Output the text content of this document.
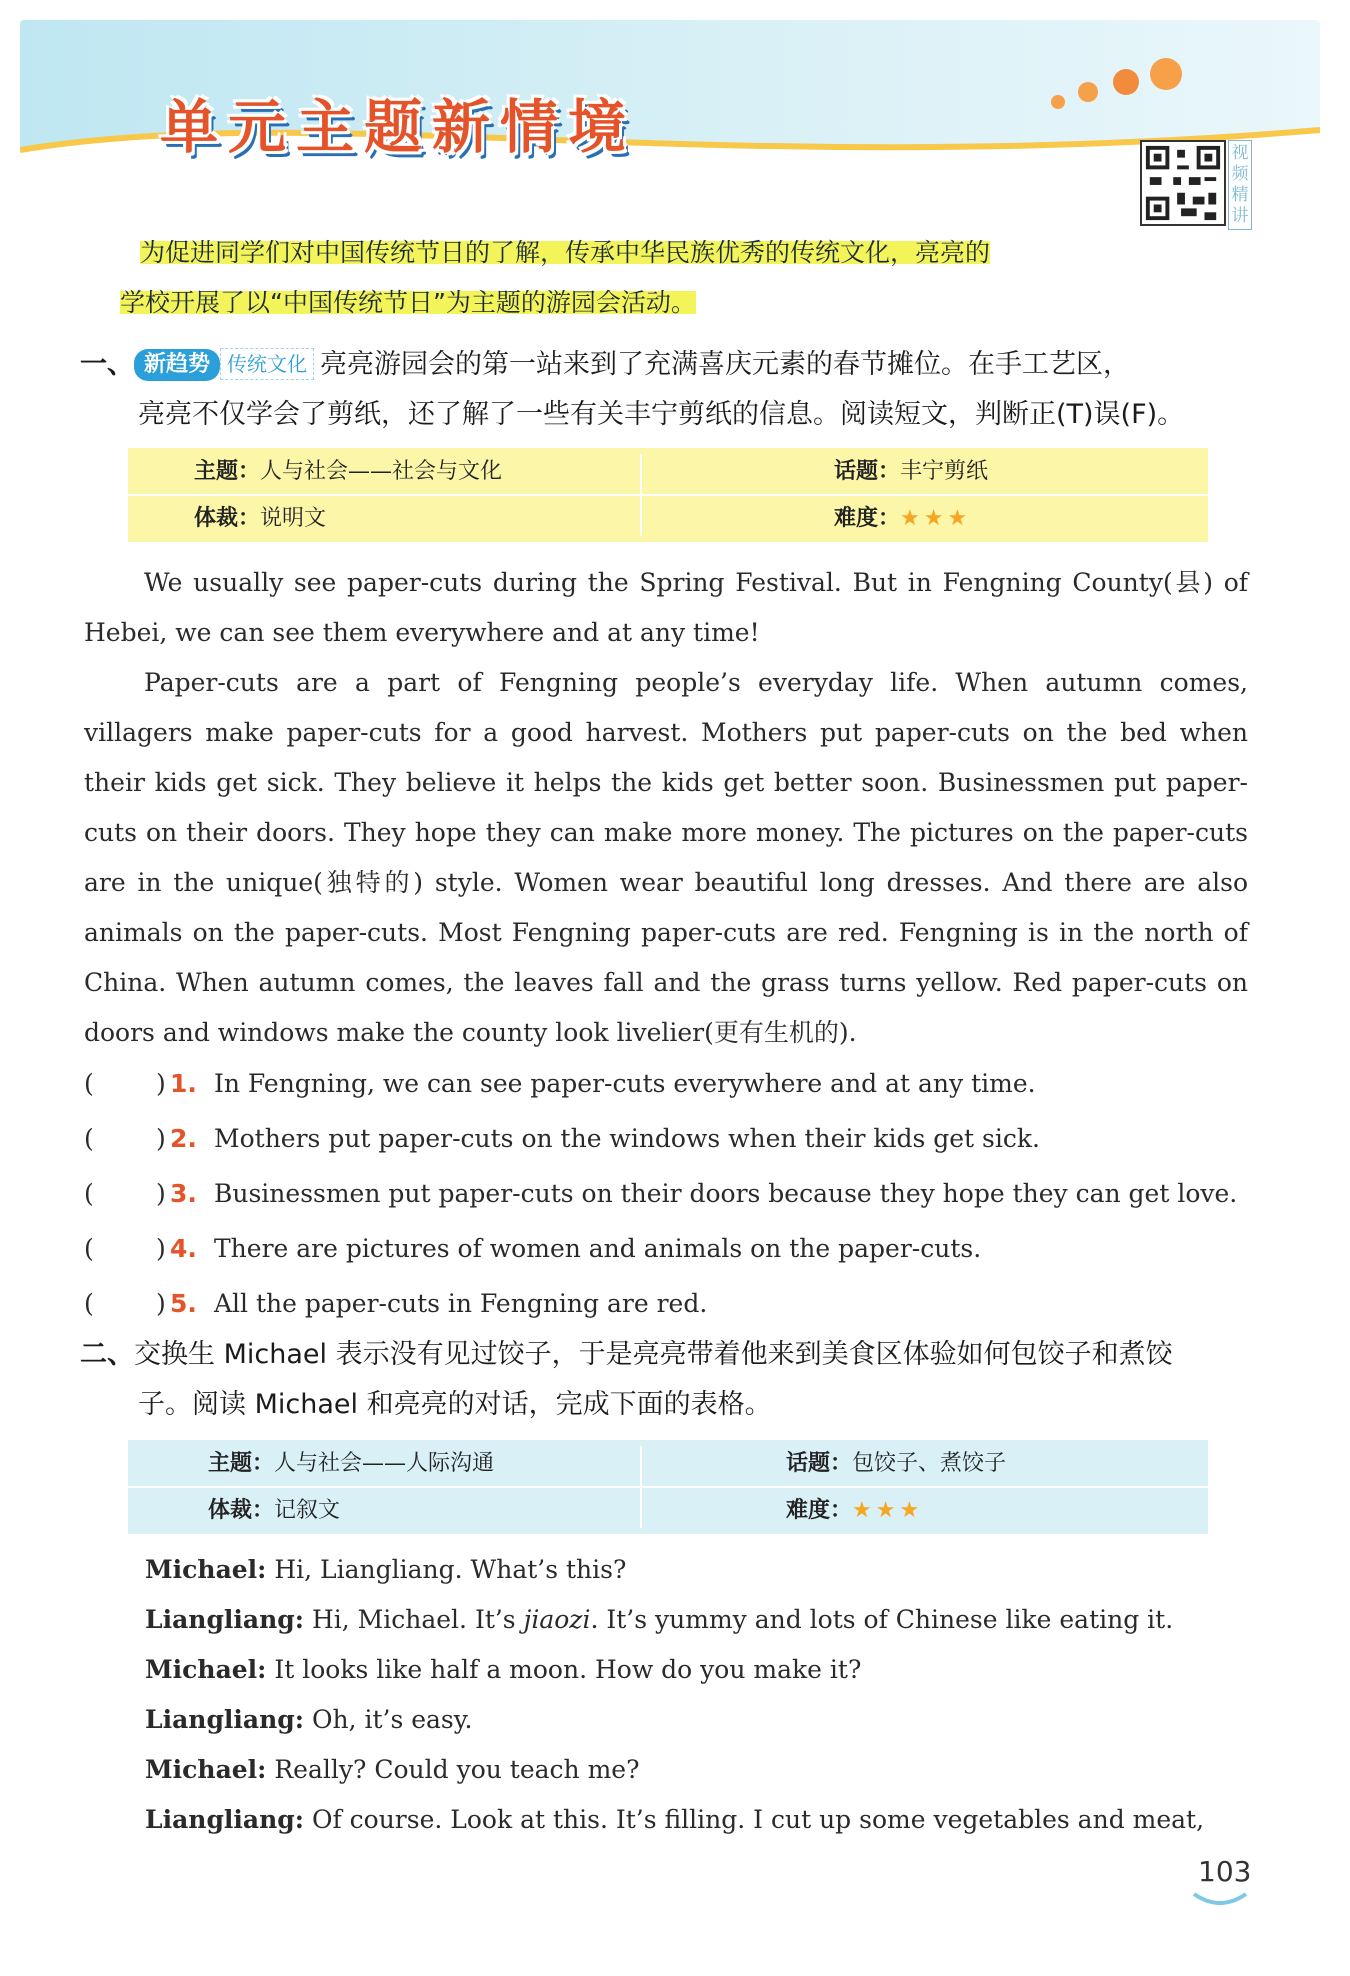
单元主题新情境	视频精讲
为促进同学们对中国传统节日的了解，传承中华民族优秀的传统文化，亮亮的
学校开展了以“中国传统节日”为主题的游园会活动。
一、 新趋势 传统文化 亮亮游园会的第一站来到了充满喜庆元素的春节摊位。在手工艺区，
亮亮不仅学会了剪纸，还了解了一些有关丰宁剪纸的信息。阅读短文，判断正(T)误(F)。
主题：人与社会——社会与文化	话题：丰宁剪纸
体裁：说明文	难度：★★★

We usually see paper-cuts during the Spring Festival. But in Fengning County(县) of Hebei, we can see them everywhere and at any time!

Paper-cuts are a part of Fengning people’s everyday life. When autumn comes, villagers make paper-cuts for a good harvest. Mothers put paper-cuts on the bed when their kids get sick. They believe it helps the kids get better soon. Businessmen put paper-cuts on their doors. They hope they can make more money. The pictures on the paper-cuts are in the unique(独特的) style. Women wear beautiful long dresses. And there are also animals on the paper-cuts. Most Fengning paper-cuts are red. Fengning is in the north of China. When autumn comes, the leaves fall and the grass turns yellow. Red paper-cuts on doors and windows make the county look livelier(更有生机的).

( ) 1. In Fengning, we can see paper-cuts everywhere and at any time.
( ) 2. Mothers put paper-cuts on the windows when their kids get sick.
( ) 3. Businessmen put paper-cuts on their doors because they hope they can get love.
( ) 4. There are pictures of women and animals on the paper-cuts.
( ) 5. All the paper-cuts in Fengning are red.
二、交换生 Michael 表示没有见过饺子，于是亮亮带着他来到美食区体验如何包饺子和煮饺
子。阅读 Michael 和亮亮的对话，完成下面的表格。
主题：人与社会——人际沟通	话题：包饺子、煮饺子
体裁：记叙文	难度：★★★
Michael: Hi, Liangliang. What’s this?
Liangliang: Hi, Michael. It’s jiaozi. It’s yummy and lots of Chinese like eating it.
Michael: It looks like half a moon. How do you make it?
Liangliang: Oh, it’s easy.
Michael: Really? Could you teach me?
Liangliang: Of course. Look at this. It’s filling. I cut up some vegetables and meat,
103
